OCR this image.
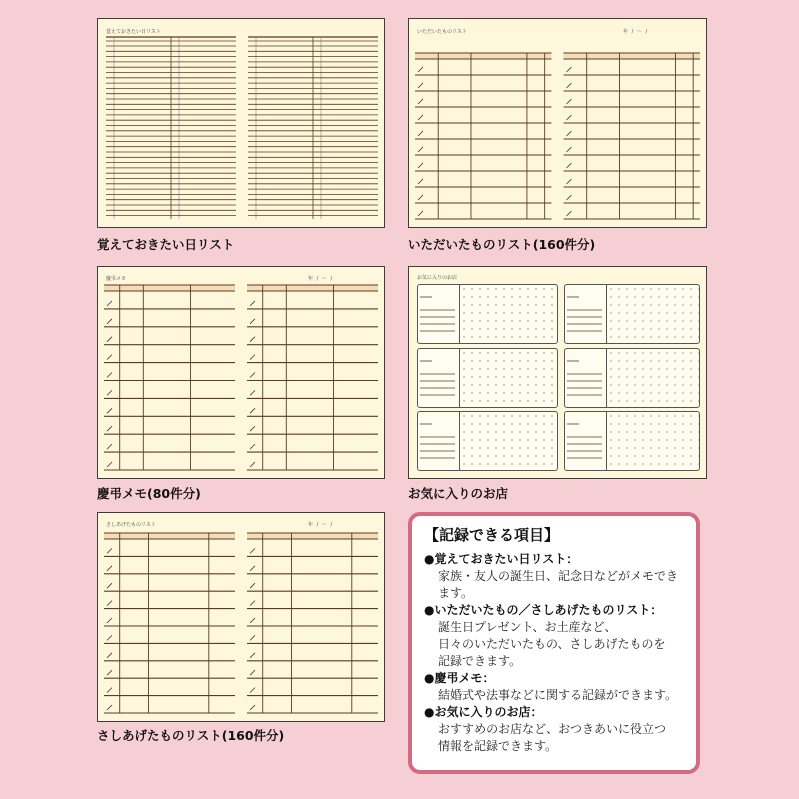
覚えておきたい日リスト
覚えておきたい日リスト
いただいたものリスト	年 / 〜 /
いただいたものリスト(160件分)
慶弔メモ	年 / 〜 /
慶弔メモ(80件分)
お気に入りのお店
お気に入りのお店
さしあげたものリスト	年 / 〜 /
さしあげたものリスト(160件分)
【記録できる項目】
●覚えておきたい日リスト：
家族・友人の誕生日、記念日などがメモでき
ます。
●いただいたもの／さしあげたものリスト：
誕生日プレゼント、お土産など、
日々のいただいたもの、さしあげたものを
記録できます。
●慶弔メモ：
結婚式や法事などに関する記録ができます。
●お気に入りのお店：
おすすめのお店など、おつきあいに役立つ
情報を記録できます。
